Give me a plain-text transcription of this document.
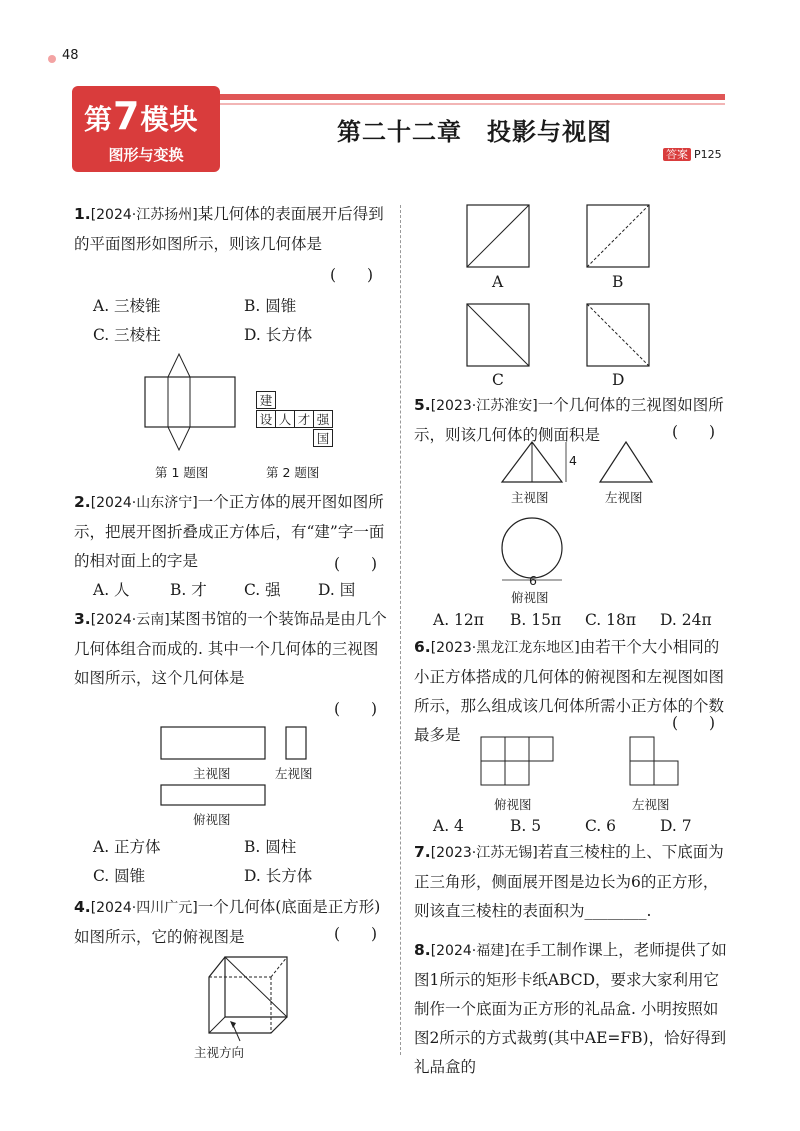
48
第7模块
图形与变换
第二十二章　投影与视图
答案 P125
1.[2024·江苏扬州]某几何体的表面展开后得到的平面图形如图所示，则该几何体是
(　　)
A. 三棱锥	B. 圆锥
C. 三棱柱	D. 长方体
建
设 人 才 强
国
第 1 题图	第 2 题图
2.[2024·山东济宁]一个正方体的展开图如图所示，把展开图折叠成正方体后，有“建”字一面的相对面上的字是	(　　)
A. 人	B. 才 C. 强 D. 国
3.[2024·云南]某图书馆的一个装饰品是由几个几何体组合而成的. 其中一个几何体的三视图如图所示，这个几何体是
(　　)
主视图	左视图
俯视图
A. 正方体	B. 圆柱
C. 圆锥	D. 长方体
4.[2024·四川广元]一个几何体(底面是正方形)如图所示，它的俯视图是	(　　)
主视方向
A	B
C	D
5.[2023·江苏淮安]一个几何体的三视图如图所示，则该几何体的侧面积是	(　　)
4
6
主视图	左视图
俯视图
A. 12π B. 15π C. 18π D. 24π
6.[2023·黑龙江龙东地区]由若干个大小相同的小正方体搭成的几何体的俯视图和左视图如图所示，那么组成该几何体所需小正方体的个数最多是
(　　)
俯视图	左视图
A. 4	B. 5	C. 6	D. 7
7.[2023·江苏无锡]若直三棱柱的上、下底面为正三角形，侧面展开图是边长为6的正方形，则该直三棱柱的表面积为________.
8.[2024·福建]在手工制作课上，老师提供了如图1所示的矩形卡纸ABCD，要求大家利用它制作一个底面为正方形的礼品盒. 小明按照如图2所示的方式裁剪(其中AE=FB)，恰好得到礼品盒的
